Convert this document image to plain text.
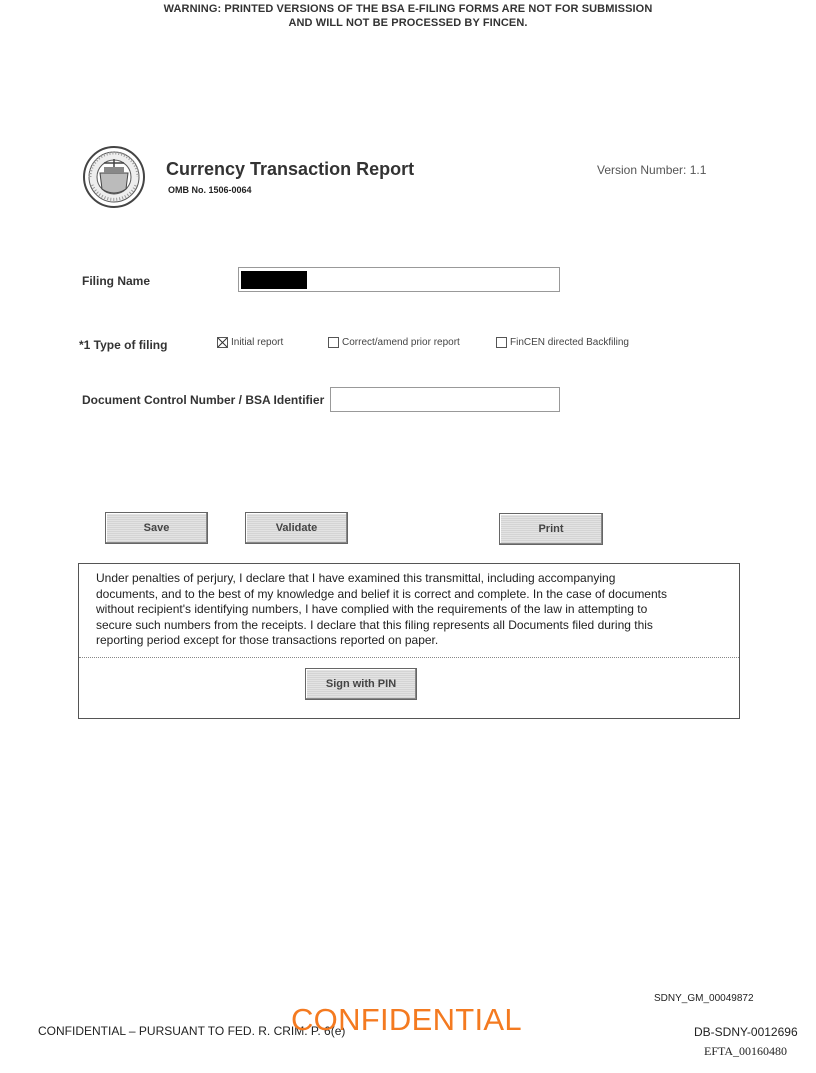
WARNING: PRINTED VERSIONS OF THE BSA E-FILING FORMS ARE NOT FOR SUBMISSION
AND WILL NOT BE PROCESSED BY FINCEN.
Currency Transaction Report
OMB No. 1506-0064
Version Number: 1.1
Filing Name
*1 Type of filing	Initial report	Correct/amend prior report	FinCEN directed Backfiling
Document Control Number / BSA Identifier
Save	Validate	Print
Under penalties of perjury, I declare that I have examined this transmittal, including accompanying
documents, and to the best of my knowledge and belief it is correct and complete. In the case of documents
without recipient's identifying numbers, I have complied with the requirements of the law in attempting to
secure such numbers from the receipts. I declare that this filing represents all Documents filed during this
reporting period except for those transactions reported on paper.
Sign with PIN
SDNY_GM_00049872
CONFIDENTIAL – PURSUANT TO FED. R. CRIM. P. 6(e)
CONFIDENTIAL	DB-SDNY-0012696
EFTA_00160480
